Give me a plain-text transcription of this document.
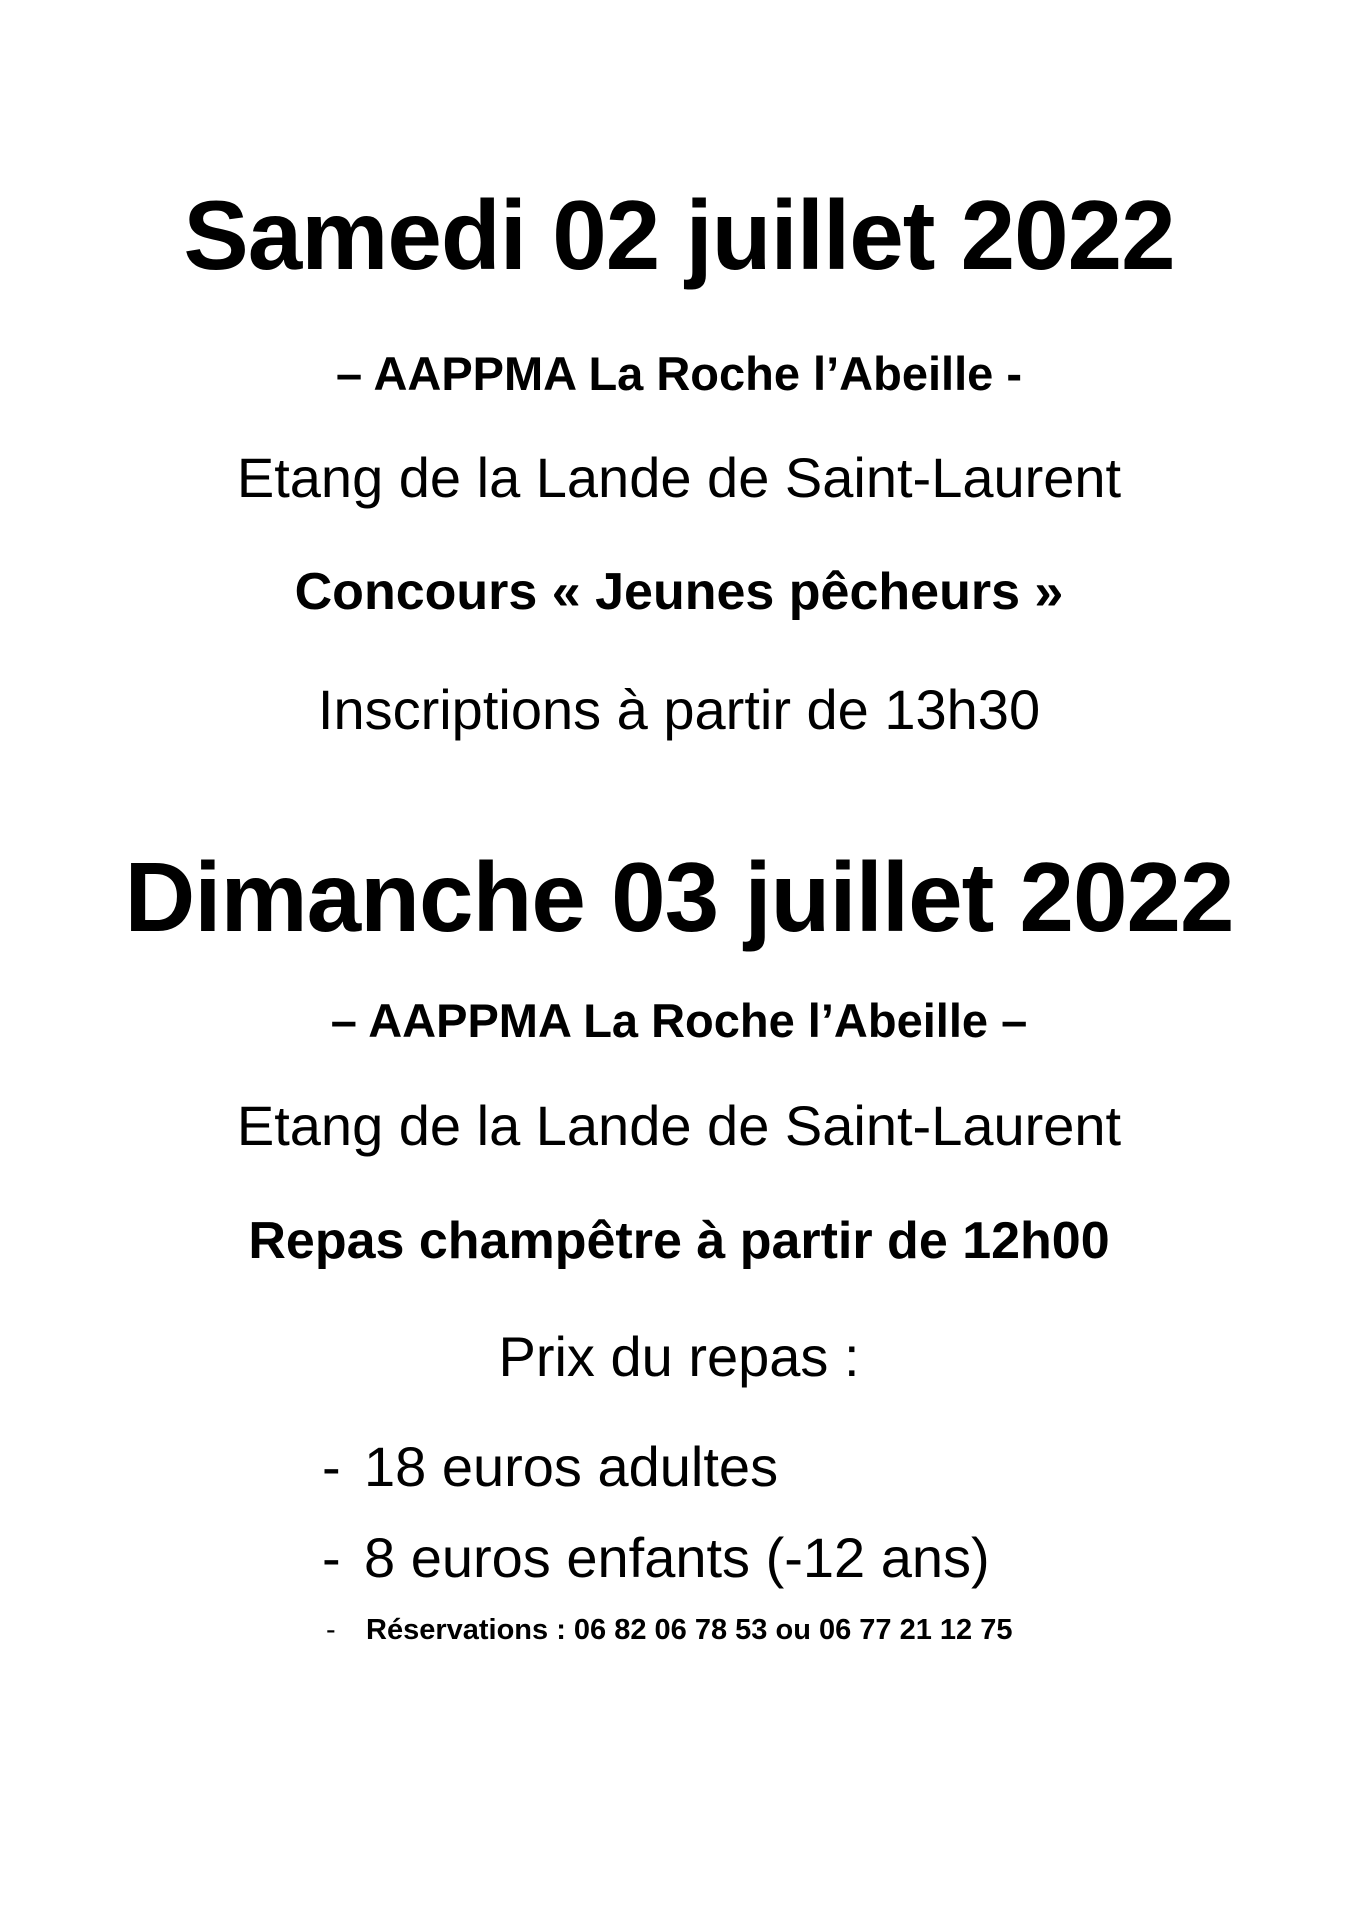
Samedi 02 juillet 2022
– AAPPMA La Roche l’Abeille -
Etang de la Lande de Saint-Laurent
Concours « Jeunes pêcheurs »
Inscriptions à partir de 13h30
Dimanche 03 juillet 2022
– AAPPMA La Roche l’Abeille –
Etang de la Lande de Saint-Laurent
Repas champêtre à partir de 12h00
Prix du repas :
- 18 euros adultes
- 8 euros enfants (-12 ans)
-	Réservations : 06 82 06 78 53 ou 06 77 21 12 75
